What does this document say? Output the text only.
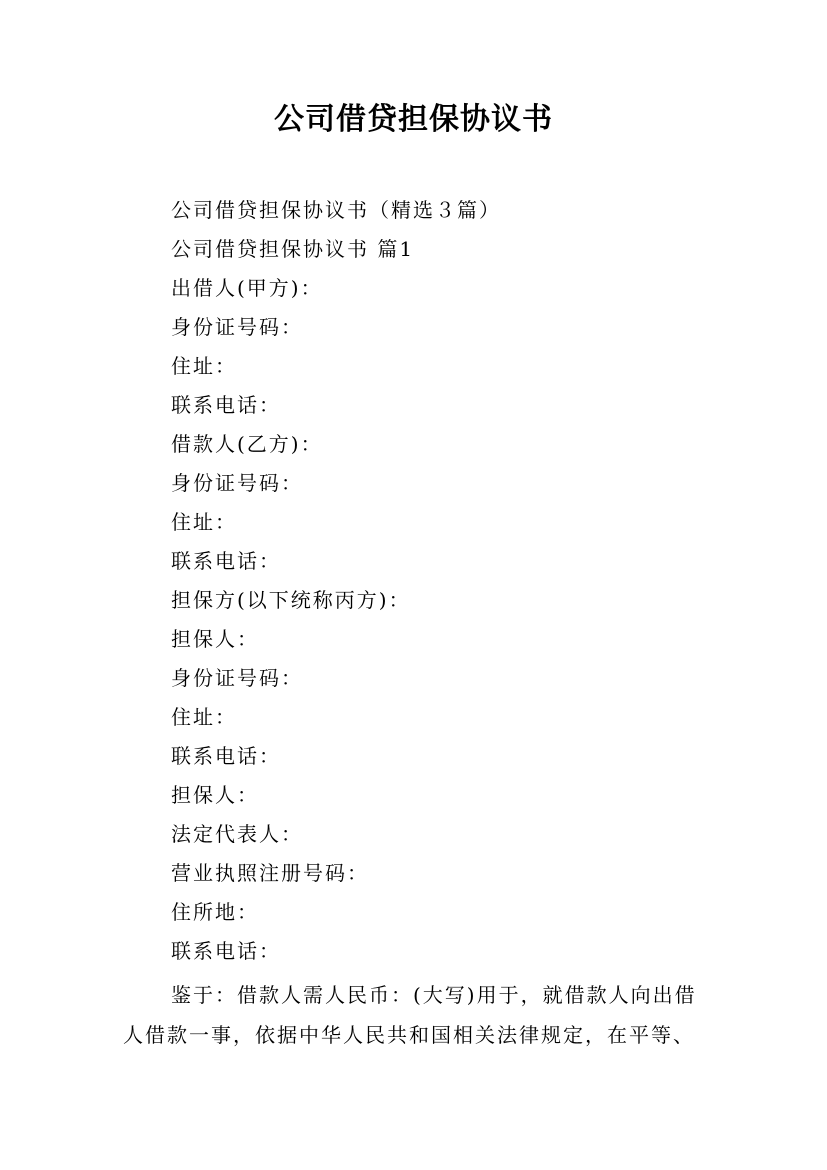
公司借贷担保协议书
公司借贷担保协议书（精选３篇）
公司借贷担保协议书 篇1
出借人(甲方)：
身份证号码：
住址：
联系电话：
借款人(乙方)：
身份证号码：
住址：
联系电话：
担保方(以下统称丙方)：
担保人：
身份证号码：
住址：
联系电话：
担保人：
法定代表人：
营业执照注册号码：
住所地：
联系电话：
鉴于：借款人需人民币：(大写)用于，就借款人向出借
人借款一事，依据中华人民共和国相关法律规定，在平等、
